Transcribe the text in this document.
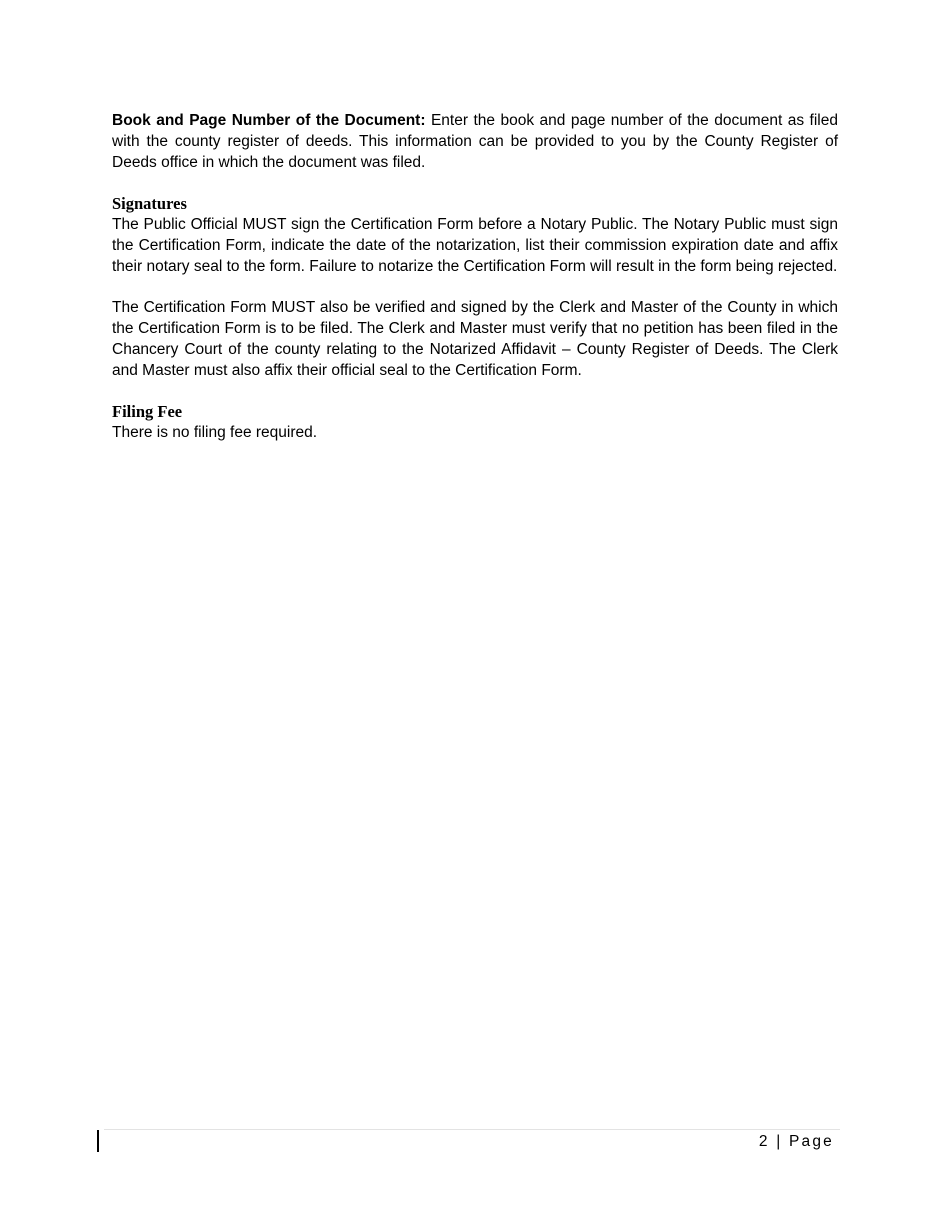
Book and Page Number of the Document: Enter the book and page number of the document as filed with the county register of deeds. This information can be provided to you by the County Register of Deeds office in which the document was filed.

Signatures

The Public Official MUST sign the Certification Form before a Notary Public. The Notary Public must sign the Certification Form, indicate the date of the notarization, list their commission expiration date and affix their notary seal to the form. Failure to notarize the Certification Form will result in the form being rejected.

The Certification Form MUST also be verified and signed by the Clerk and Master of the County in which the Certification Form is to be filed. The Clerk and Master must verify that no petition has been filed in the Chancery Court of the county relating to the Notarized Affidavit – County Register of Deeds. The Clerk and Master must also affix their official seal to the Certification Form.

Filing Fee

There is no filing fee required.

2 | Page
